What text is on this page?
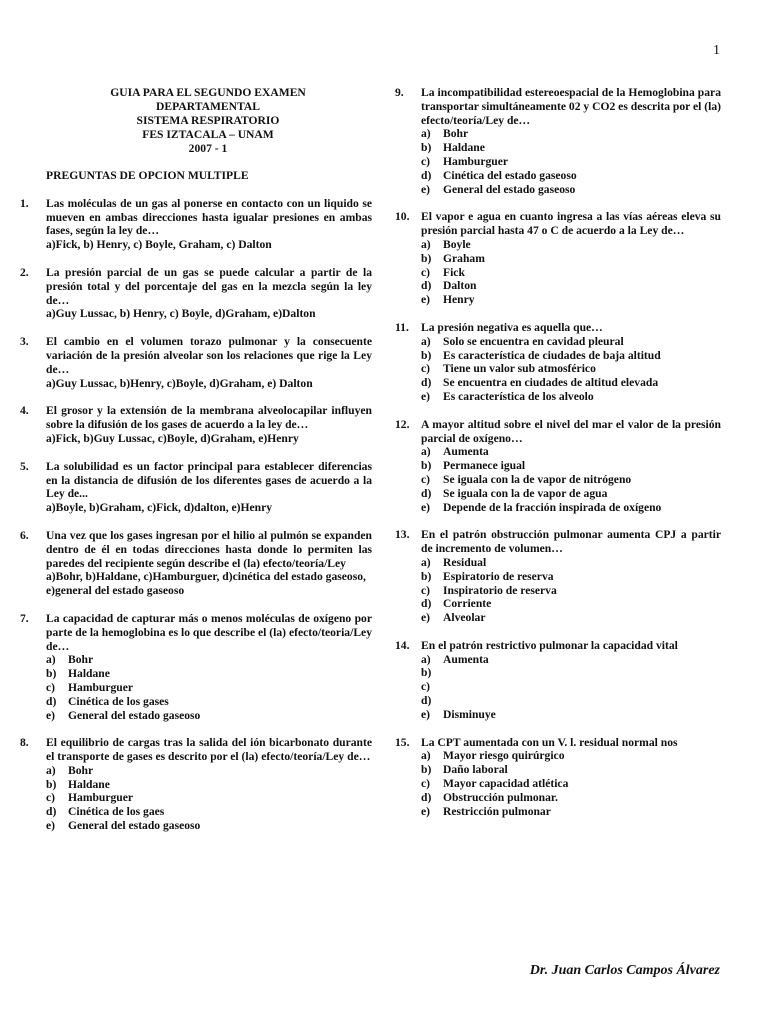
1
GUIA PARA EL SEGUNDO EXAMEN
DEPARTAMENTAL
SISTEMA RESPIRATORIO
FES IZTACALA – UNAM
2007 - 1
PREGUNTAS DE OPCION MULTIPLE
1.	Las moléculas de un gas al ponerse en contacto con un liquido se mueven en ambas direcciones hasta igualar presiones en ambas fases, según la ley de…
a)Fick, b) Henry, c) Boyle, Graham, c) Dalton
2.	La presión parcial de un gas se puede calcular a partir de la presión total y del porcentaje del gas en la mezcla según la ley de…
a)Guy Lussac, b) Henry, c) Boyle, d)Graham, e)Dalton
3.	El cambio en el volumen torazo pulmonar y la consecuente variación de la presión alveolar son los relaciones que rige la Ley de…
a)Guy Lussac, b)Henry, c)Boyle, d)Graham, e) Dalton
4.	El grosor y la extensión de la membrana alveolocapilar influyen sobre la difusión de los gases de acuerdo a la ley de…
a)Fick, b)Guy Lussac, c)Boyle, d)Graham, e)Henry
5.	La solubilidad es un factor principal para establecer diferencias en la distancia de difusión de los diferentes gases de acuerdo a la Ley de...
a)Boyle, b)Graham, c)Fick, d)dalton, e)Henry
6.	Una vez que los gases ingresan por el hilio al pulmón se expanden dentro de él en todas direcciones hasta donde lo permiten las paredes del recipiente según describe el (la) efecto/teoría/Ley
a)Bohr, b)Haldane, c)Hamburguer, d)cinética del estado gaseoso, e)general del estado gaseoso
7.	La capacidad de capturar más o menos moléculas de oxígeno por parte de la hemoglobina es lo que describe el (la) efecto/teoria/Ley de…
a)	Bohr
b)	Haldane
c)	Hamburguer
d)	Cinética de los gases
e)	General del estado gaseoso
8.	El equilibrio de cargas tras la salida del ión bicarbonato durante el transporte de gases es descrito por el (la) efecto/teoría/Ley de…
a)	Bohr
b)	Haldane
c)	Hamburguer
d)	Cinética de los gaes
e)	General del estado gaseoso
9.	La incompatibilidad estereoespacial de la Hemoglobina para transportar simultáneamente 02 y CO2 es descrita por el (la) efecto/teoría/Ley de…
a)	Bohr
b)	Haldane
c)	Hamburguer
d)	Cinética del estado gaseoso
e)	General del estado gaseoso
10. El vapor e agua en cuanto ingresa a las vías aéreas eleva su presión parcial hasta 47 o C de acuerdo a la Ley de…
a)	Boyle
b)	Graham
c)	Fick
d)	Dalton
e)	Henry
11.	La presión negativa es aquella que…
a)	Solo se encuentra en cavidad pleural
b)	Es característica de ciudades de baja altitud
c)	Tiene un valor sub atmosférico
d)	Se encuentra en ciudades de altitud elevada
e)	Es característica de los alveolo
12. A mayor altitud sobre el nivel del mar el valor de la presión parcial de oxígeno…
a)	Aumenta
b)	Permanece igual
c)	Se iguala con la de vapor de nitrógeno
d)	Se iguala con la de vapor de agua
e)	Depende de la fracción inspirada de oxígeno
13. En el patrón obstrucción pulmonar aumenta CPJ a partir de incremento de volumen…
a)	Residual
b)	Espiratorio de reserva
c)	Inspiratorio de reserva
d)	Corriente
e)	Alveolar
14. En el patrón restrictivo pulmonar la capacidad vital
a)	Aumenta
b)
c)
d)
e)	Disminuye
15. La CPT aumentada con un V. l. residual normal nos
a)	Mayor riesgo quirúrgico
b)	Daño laboral
c)	Mayor capacidad atlética
d)	Obstrucción pulmonar.
e)	Restricción pulmonar
Dr. Juan Carlos Campos Álvarez
